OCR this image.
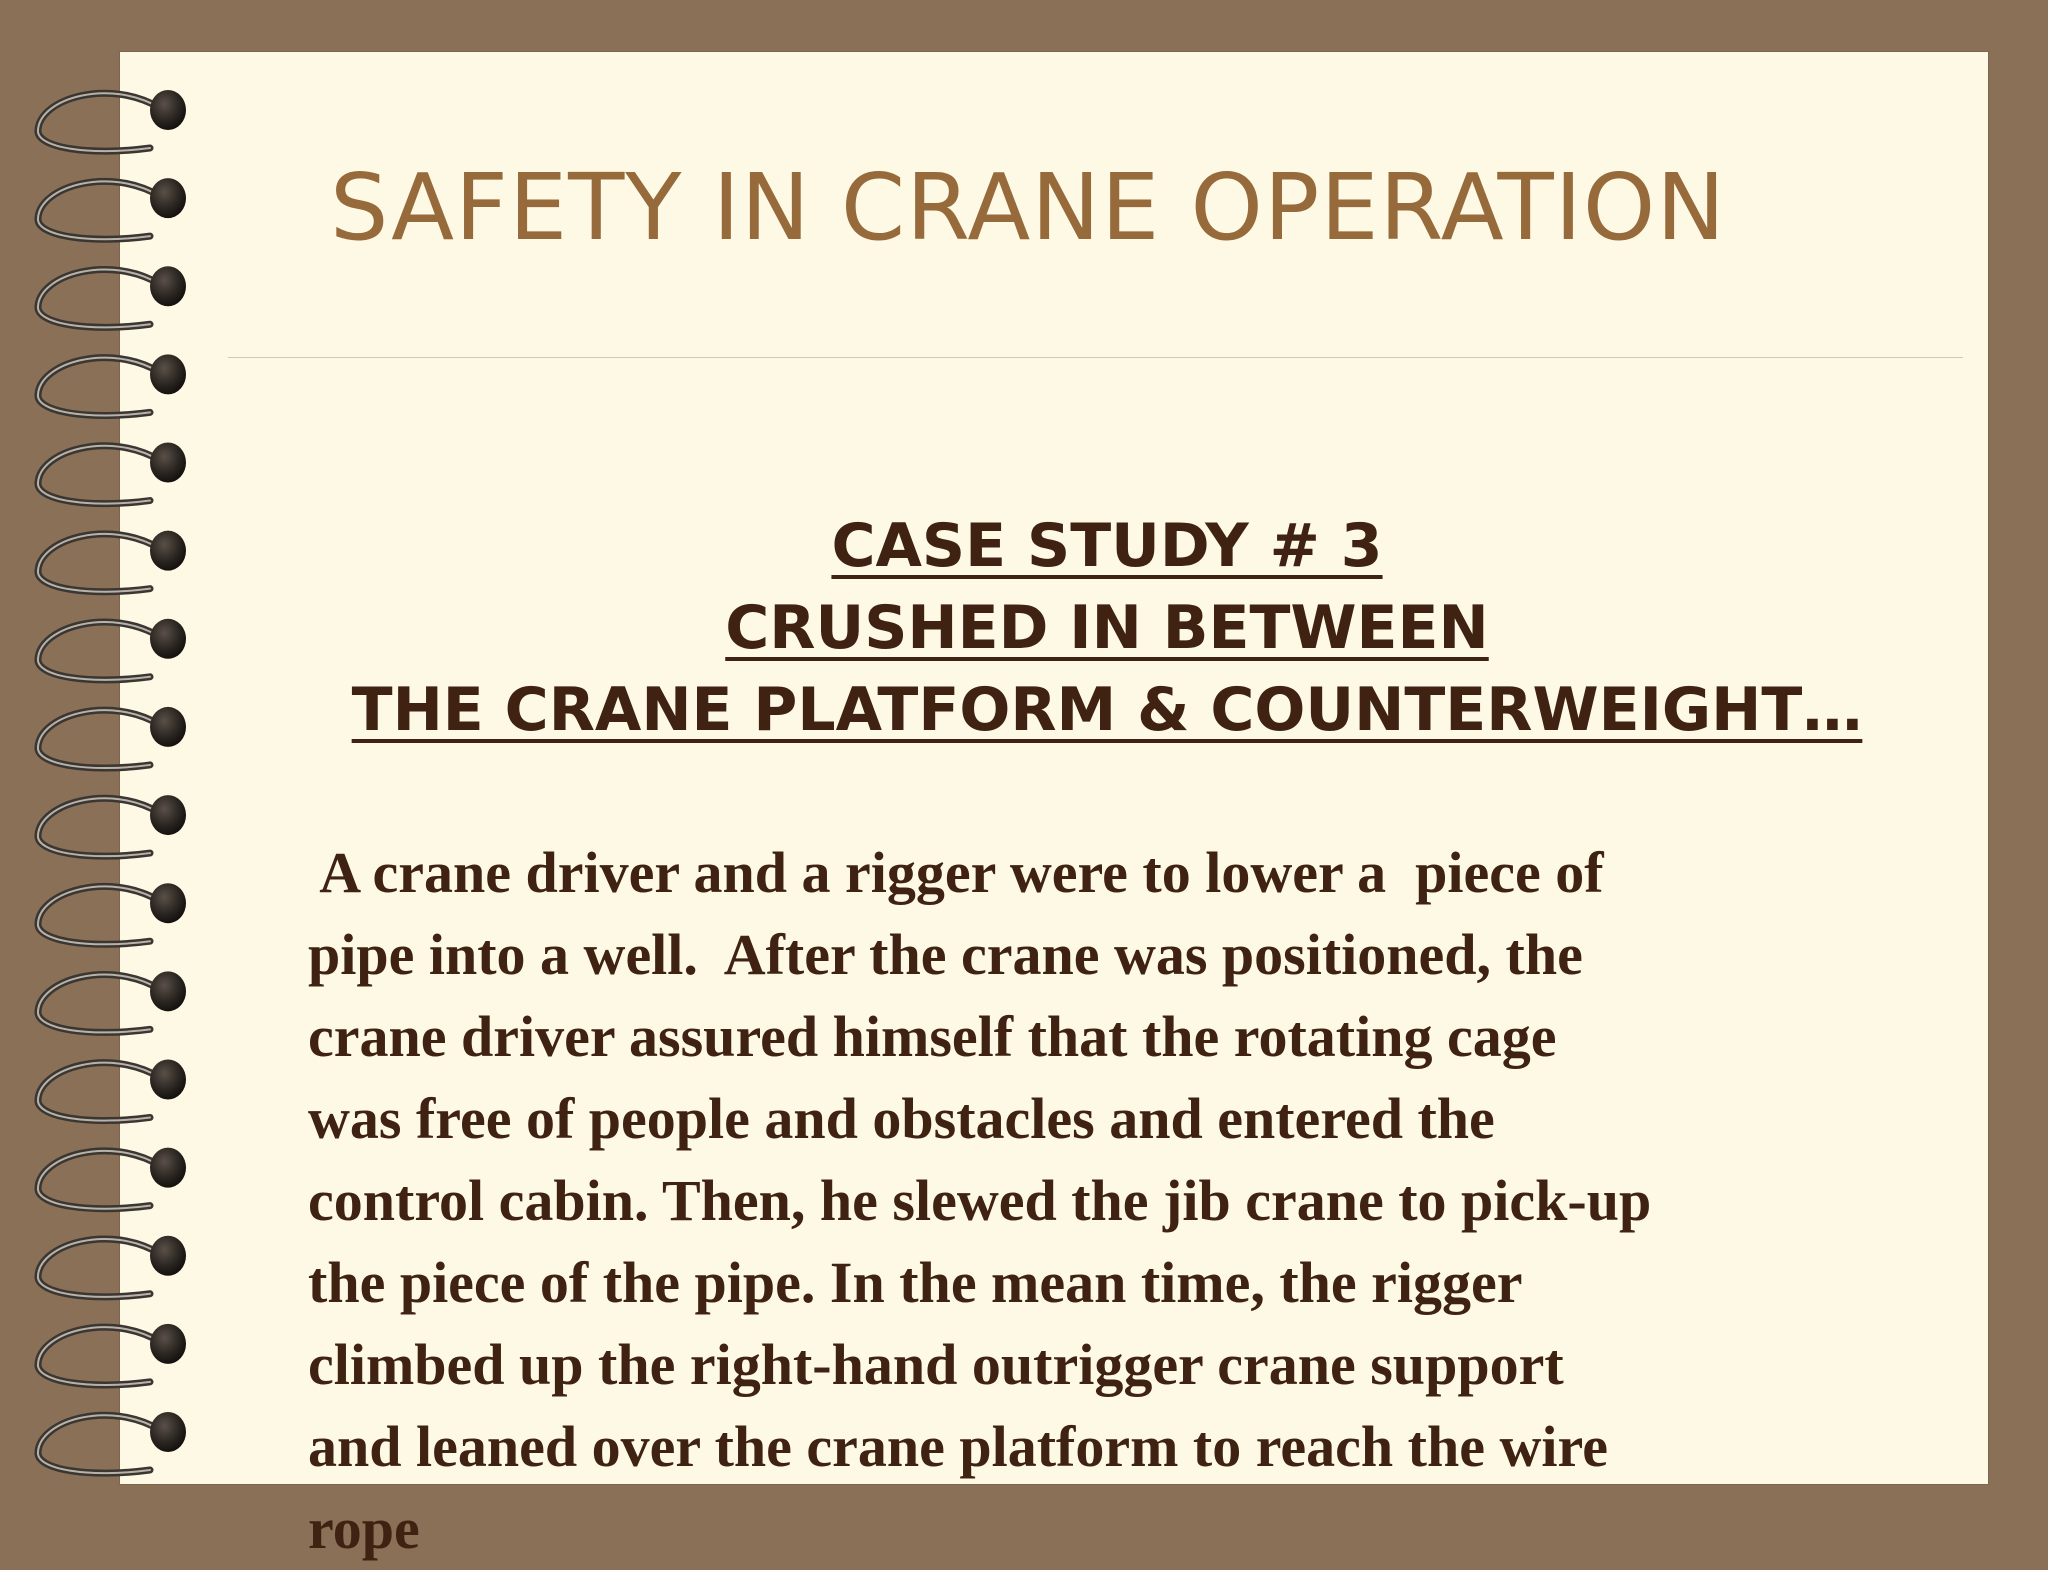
SAFETY IN CRANE OPERATION
CASE STUDY # 3
CRUSHED IN BETWEEN
THE CRANE PLATFORM & COUNTERWEIGHT…
A crane driver and a rigger were to lower a  piece of
pipe into a well.  After the crane was positioned, the
crane driver assured himself that the rotating cage
was free of people and obstacles and entered the
control cabin. Then, he slewed the jib crane to pick-up
the piece of the pipe. In the mean time, the rigger
climbed up the right-hand outrigger crane support
and leaned over the crane platform to reach the wire
rope
